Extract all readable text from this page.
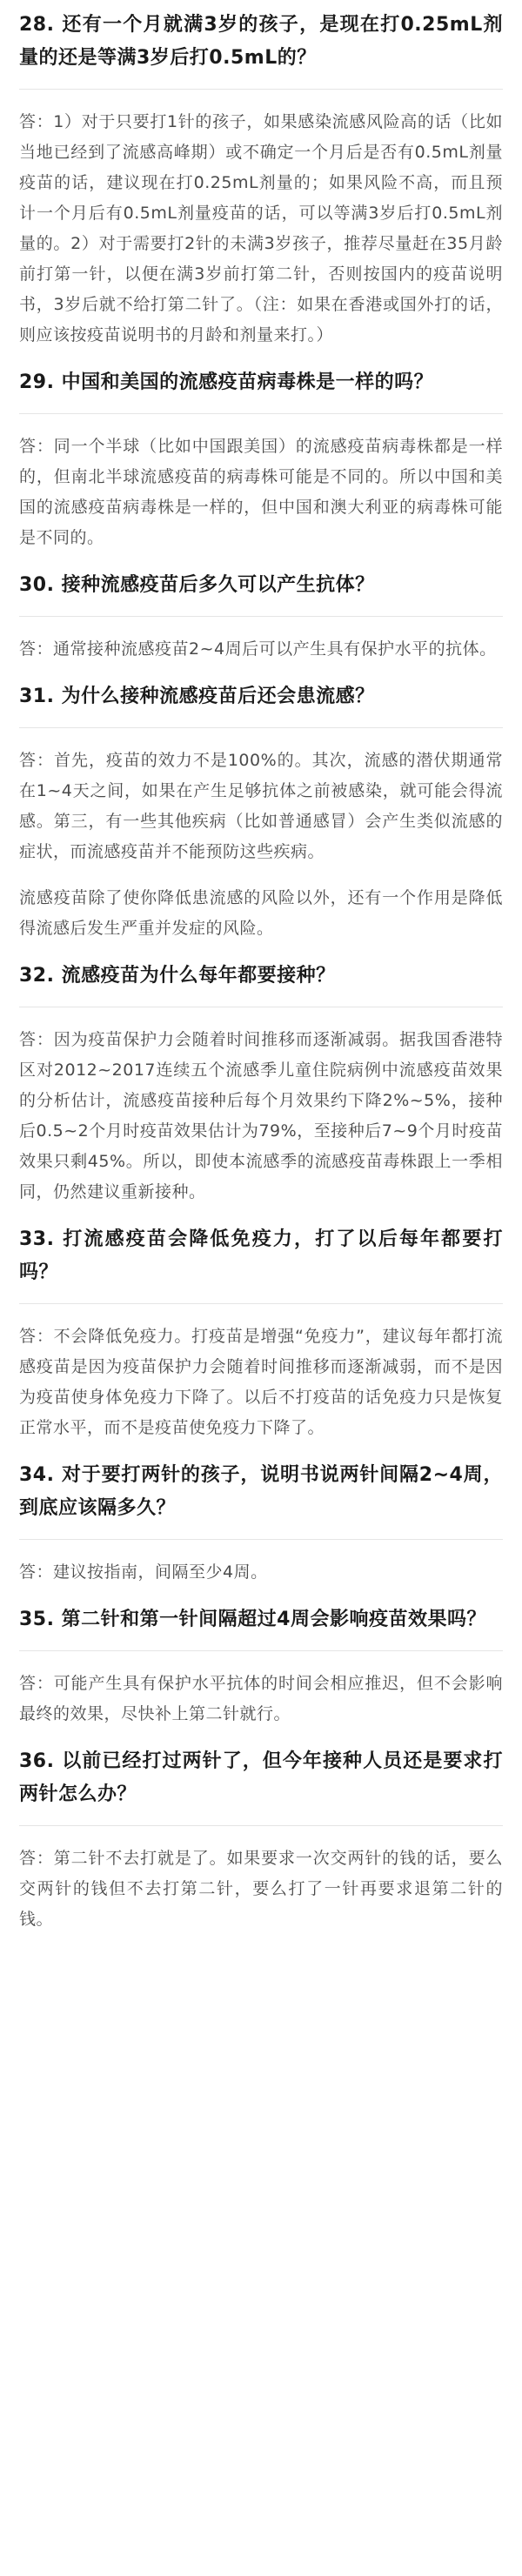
28. 还有一个月就满3岁的孩子，是现在打0.25mL剂量的还是等满3岁后打0.5mL的？
答：1）对于只要打1针的孩子，如果感染流感风险高的话（比如当地已经到了流感高峰期）或不确定一个月后是否有0.5mL剂量疫苗的话，建议现在打0.25mL剂量的；如果风险不高，而且预计一个月后有0.5mL剂量疫苗的话，可以等满3岁后打0.5mL剂量的。2）对于需要打2针的未满3岁孩子，推荐尽量赶在35月龄前打第一针，以便在满3岁前打第二针，否则按国内的疫苗说明书，3岁后就不给打第二针了。（注：如果在香港或国外打的话，则应该按疫苗说明书的月龄和剂量来打。）
29. 中国和美国的流感疫苗病毒株是一样的吗？
答：同一个半球（比如中国跟美国）的流感疫苗病毒株都是一样的，但南北半球流感疫苗的病毒株可能是不同的。所以中国和美国的流感疫苗病毒株是一样的，但中国和澳大利亚的病毒株可能是不同的。
30. 接种流感疫苗后多久可以产生抗体？
答：通常接种流感疫苗2~4周后可以产生具有保护水平的抗体。
31. 为什么接种流感疫苗后还会患流感？
答：首先，疫苗的效力不是100%的。其次，流感的潜伏期通常在1~4天之间，如果在产生足够抗体之前被感染，就可能会得流感。第三，有一些其他疾病（比如普通感冒）会产生类似流感的症状，而流感疫苗并不能预防这些疾病。
流感疫苗除了使你降低患流感的风险以外，还有一个作用是降低得流感后发生严重并发症的风险。
32. 流感疫苗为什么每年都要接种？
答：因为疫苗保护力会随着时间推移而逐渐减弱。据我国香港特区对2012~2017连续五个流感季儿童住院病例中流感疫苗效果的分析估计，流感疫苗接种后每个月效果约下降2%~5%，接种后0.5~2个月时疫苗效果估计为79%，至接种后7~9个月时疫苗效果只剩45%。所以，即使本流感季的流感疫苗毒株跟上一季相同，仍然建议重新接种。
33. 打流感疫苗会降低免疫力，打了以后每年都要打吗？
答：不会降低免疫力。打疫苗是增强“免疫力”，建议每年都打流感疫苗是因为疫苗保护力会随着时间推移而逐渐减弱，而不是因为疫苗使身体免疫力下降了。以后不打疫苗的话免疫力只是恢复正常水平，而不是疫苗使免疫力下降了。
34. 对于要打两针的孩子，说明书说两针间隔2~4周，到底应该隔多久？
答：建议按指南，间隔至少4周。
35. 第二针和第一针间隔超过4周会影响疫苗效果吗？
答：可能产生具有保护水平抗体的时间会相应推迟，但不会影响最终的效果，尽快补上第二针就行。
36. 以前已经打过两针了，但今年接种人员还是要求打两针怎么办？
答：第二针不去打就是了。如果要求一次交两针的钱的话，要么交两针的钱但不去打第二针，要么打了一针再要求退第二针的钱。
